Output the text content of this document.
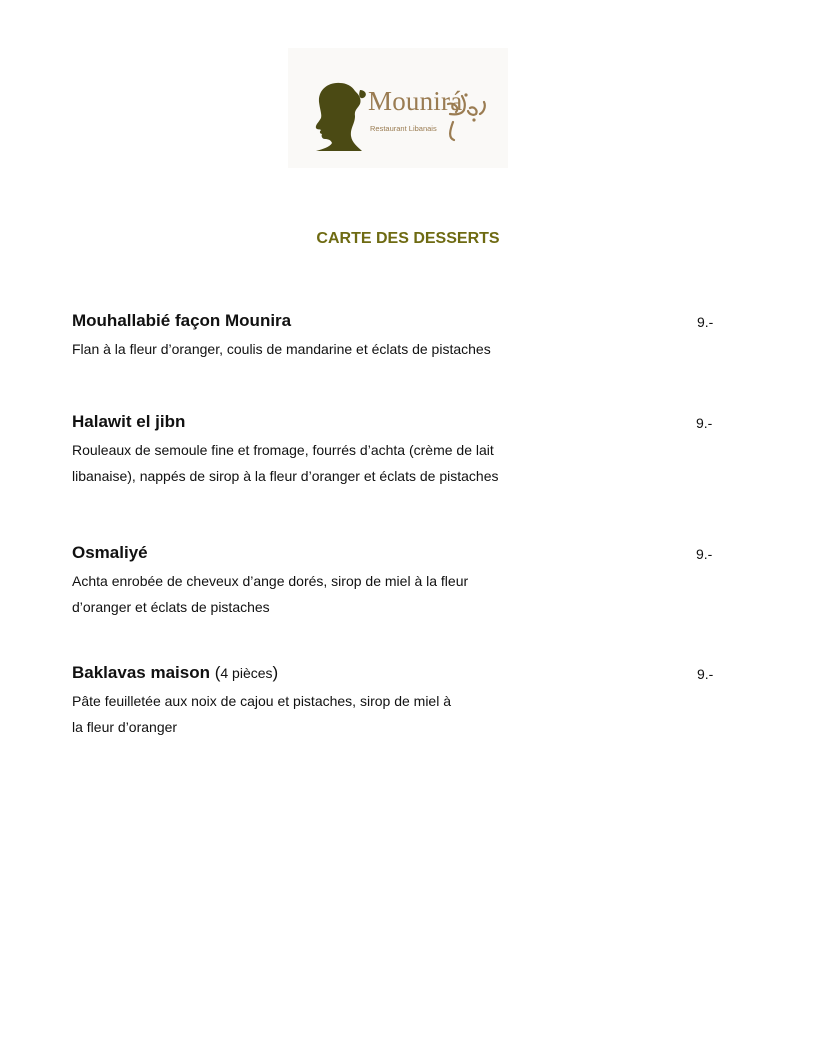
Mounirá
Restaurant Libanais
CARTE DES DESSERTS
Mouhallabié façon Mounira	9.-
Flan à la fleur d’oranger, coulis de mandarine et éclats de pistaches
Halawit el jibn	9.-
Rouleaux de semoule fine et fromage, fourrés d’achta (crème de lait
libanaise), nappés de sirop à la fleur d’oranger et éclats de pistaches
Osmaliyé	9.-
Achta enrobée de cheveux d’ange dorés, sirop de miel à la fleur
d’oranger et éclats de pistaches
Baklavas maison (4 pièces)	9.-
Pâte feuilletée aux noix de cajou et pistaches, sirop de miel à
la fleur d’oranger
